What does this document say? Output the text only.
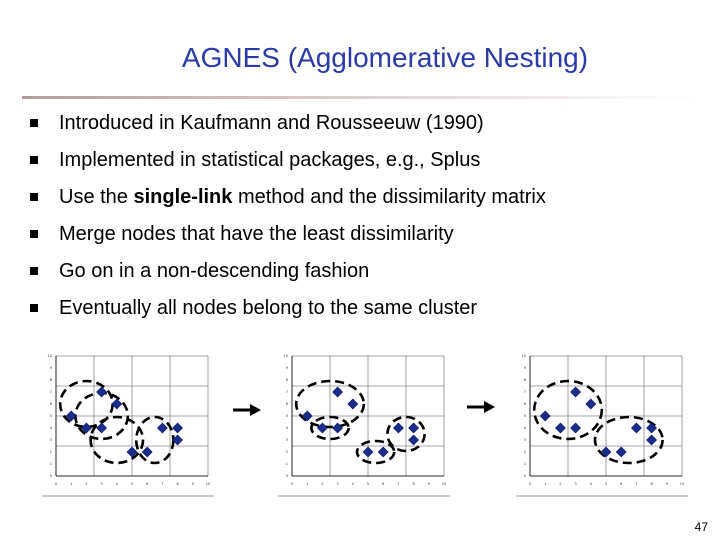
AGNES (Agglomerative Nesting)
Introduced in Kaufmann and Rousseeuw (1990)
Implemented in statistical packages, e.g., Splus
Use the single-link method and the dissimilarity matrix
Merge nodes that have the least dissimilarity
Go on in a non-descending fashion
Eventually all nodes belong to the same cluster
0	1	2	3	4	5	6	7	8	9	10
0
1
2
3
4
5
6
7
8
9
10
0	1	2	3	4	5	6	7	8	9	10
0
1
2
3
4
5
6
7
8
9
10
0	1	2	3	4	5	6	7	8	9	10
0
1
2
3
4
5
6
7
8
9
10
47
